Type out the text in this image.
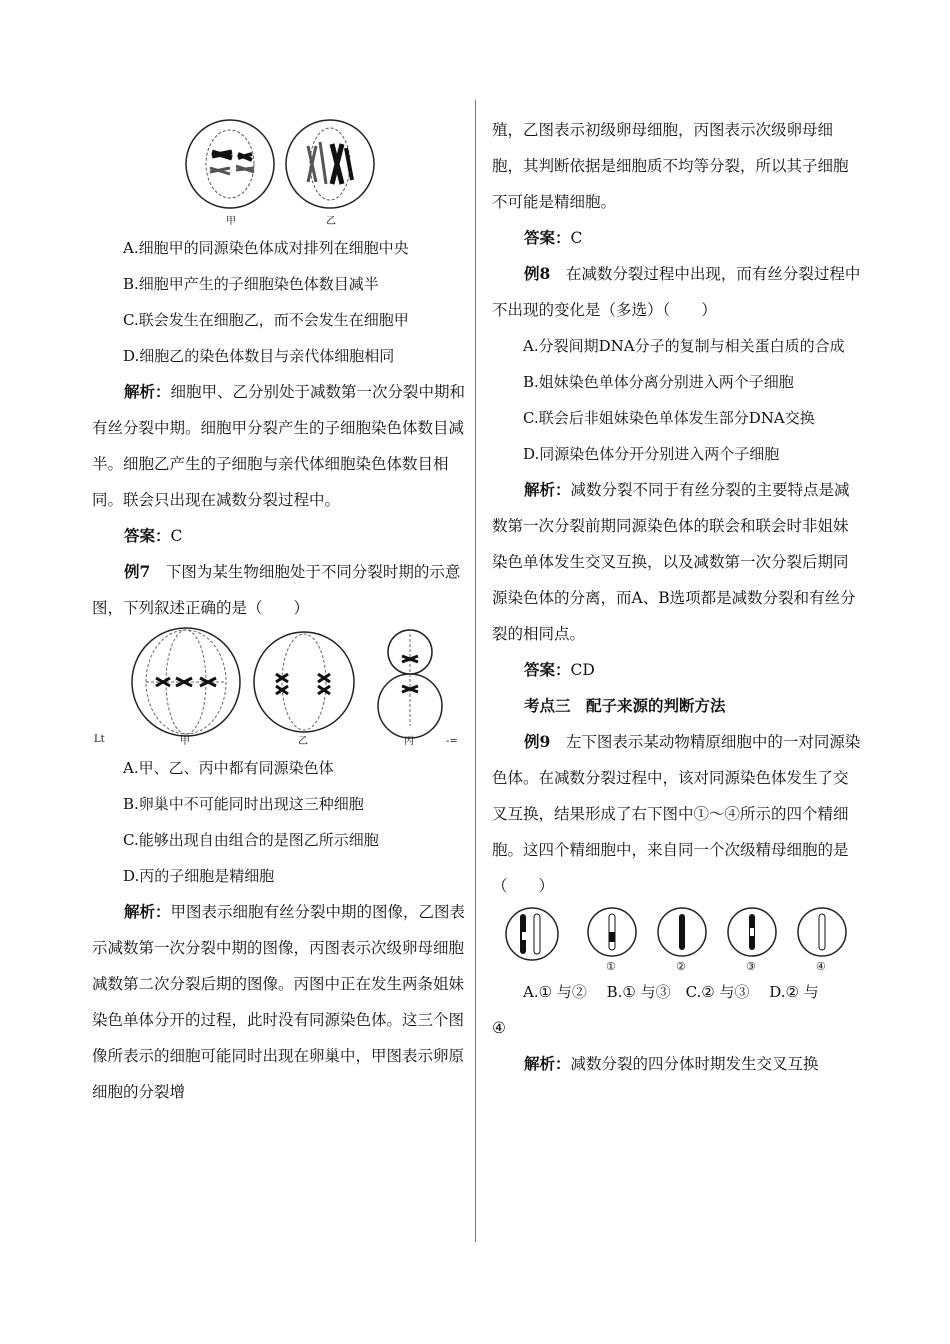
甲	乙

A.细胞甲的同源染色体成对排列在细胞中央

B.细胞甲产生的子细胞染色体数目减半

C.联会发生在细胞乙，而不会发生在细胞甲

D.细胞乙的染色体数目与亲代体细胞相同

解析：细胞甲、乙分别处于减数第一次分裂中期和有丝分裂中期。细胞甲分裂产生的子细胞染色体数目减半。细胞乙产生的子细胞与亲代体细胞染色体数目相同。联会只出现在减数分裂过程中。

答案：C

例7　 下图为某生物细胞处于不同分裂时期的示意图，下列叙述正确的是（　　）

Lt	甲	乙	丙	-=

A.甲、乙、丙中都有同源染色体

B.卵巢中不可能同时出现这三种细胞

C.能够出现自由组合的是图乙所示细胞

D.丙的子细胞是精细胞

解析：甲图表示细胞有丝分裂中期的图像，乙图表示减数第一次分裂中期的图像，丙图表示次级卵母细胞减数第二次分裂后期的图像。丙图中正在发生两条姐妹染色单体分开的过程，此时没有同源染色体。这三个图像所表示的细胞可能同时出现在卵巢中，甲图表示卵原细胞的分裂增

殖，乙图表示初级卵母细胞，丙图表示次级卵母细胞，其判断依据是细胞质不均等分裂，所以其子细胞不可能是精细胞。

答案：C

例8　 在减数分裂过程中出现，而有丝分裂过程中不出现的变化是（多选）（　　）

A.分裂间期DNA分子的复制与相关蛋白质的合成

B.姐妹染色单体分离分别进入两个子细胞

C.联会后非姐妹染色单体发生部分DNA交换

D.同源染色体分开分别进入两个子细胞

解析：减数分裂不同于有丝分裂的主要特点是减数第一次分裂前期同源染色体的联会和联会时非姐妹染色单体发生交叉互换，以及减数第一次分裂后期同源染色体的分离，而A、B选项都是减数分裂和有丝分裂的相同点。

答案：CD

考点三　配子来源的判断方法

例9　 左下图表示某动物精原细胞中的一对同源染色体。在减数分裂过程中，该对同源染色体发生了交叉互换，结果形成了右下图中①～④所示的四个精细胞。这四个精细胞中，来自同一个次级精母细胞的是（　　）

①	②	③	④

A.① 与②　 B.① 与③　C.② 与③　 D.② 与

④

解析：减数分裂的四分体时期发生交叉互换
